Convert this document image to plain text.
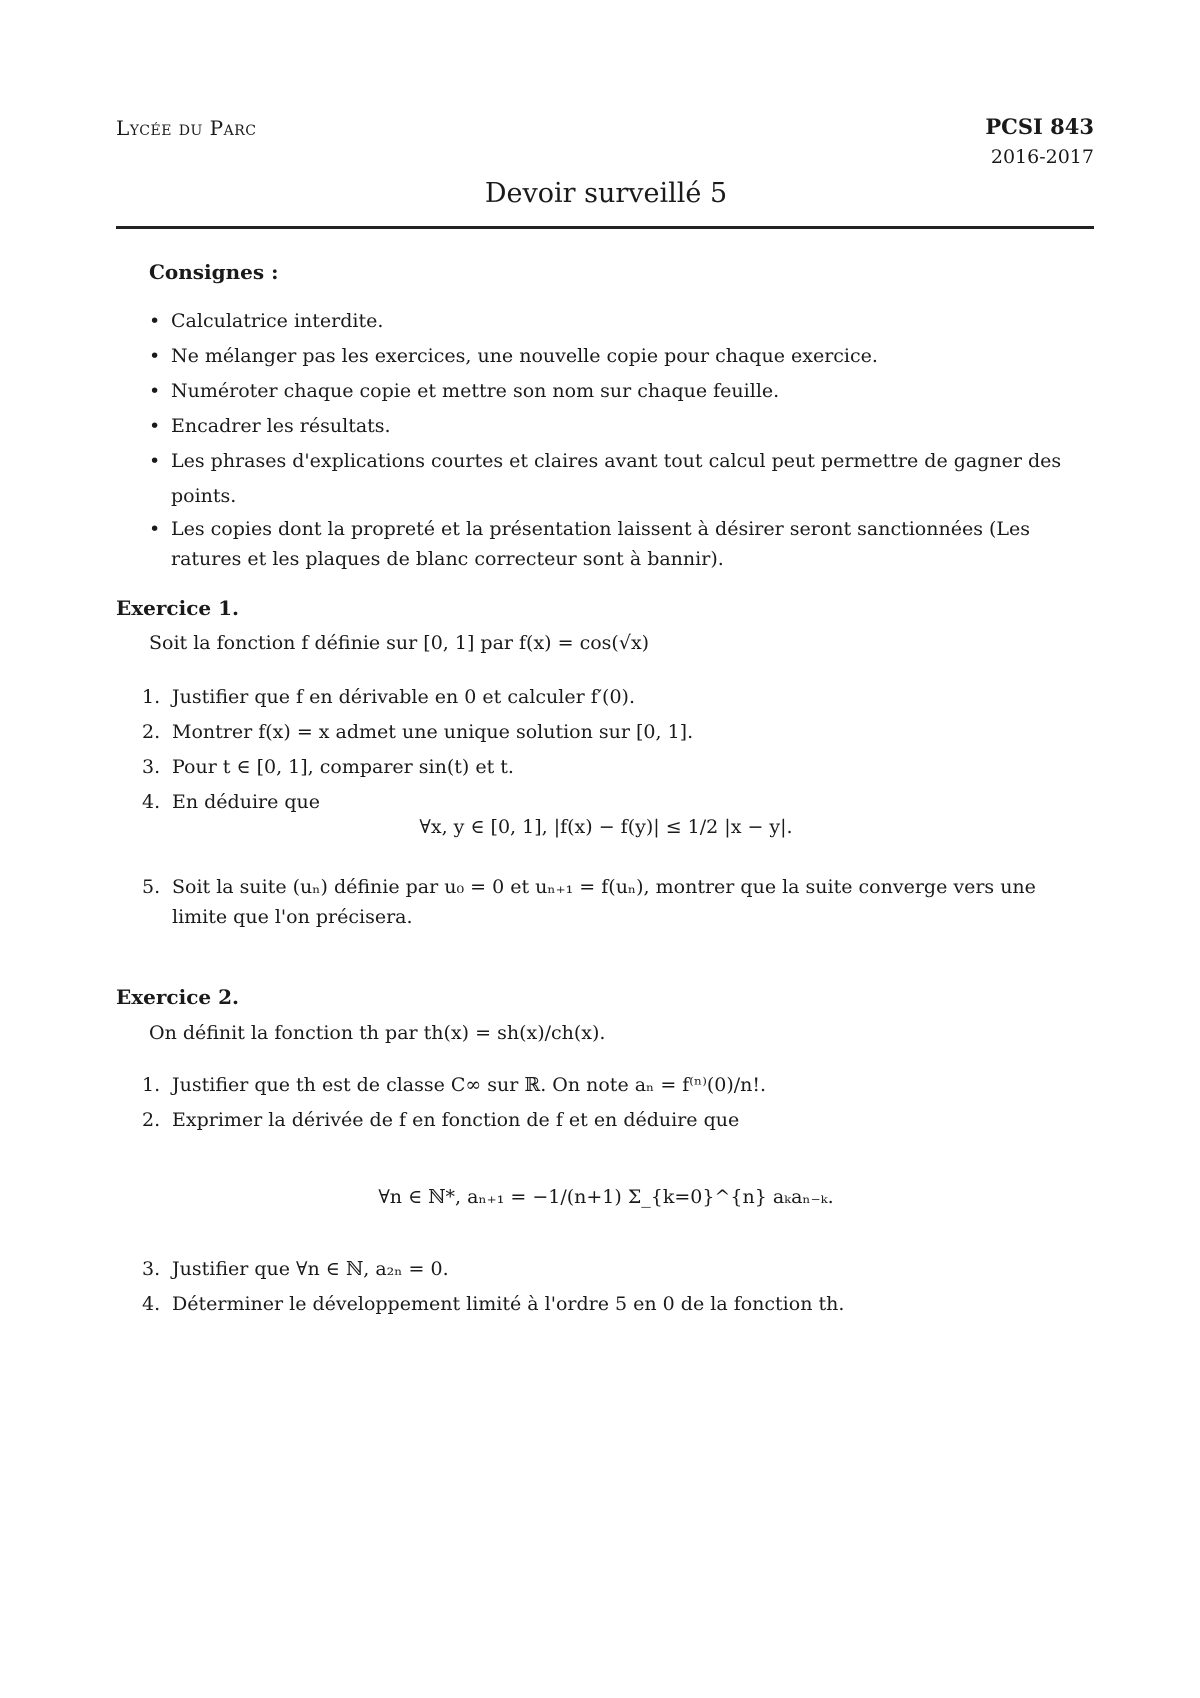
Lycée du Parc	PCSI 843
2016-2017
Devoir surveillé 5
Consignes :
• Calculatrice interdite.
• Ne mélanger pas les exercices, une nouvelle copie pour chaque exercice.
• Numéroter chaque copie et mettre son nom sur chaque feuille.
• Encadrer les résultats.
• Les phrases d'explications courtes et claires avant tout calcul peut permettre de gagner des points.
• Les copies dont la propreté et la présentation laissent à désirer seront sanctionnées (Les ratures et les plaques de blanc correcteur sont à bannir).
Exercice 1.
Soit la fonction f définie sur [0, 1] par f(x) = cos(√x)
1. Justifier que f en dérivable en 0 et calculer f′(0).
2. Montrer f(x) = x admet une unique solution sur [0, 1].
3. Pour t ∈ [0, 1], comparer sin(t) et t.
4. En déduire que
∀x, y ∈ [0, 1], |f(x) − f(y)| ≤ 1/2 |x − y|.
5. Soit la suite (uₙ) définie par u₀ = 0 et uₙ₊₁ = f(uₙ), montrer que la suite converge vers une limite que l'on précisera.
Exercice 2.
On définit la fonction th par th(x) = sh(x)/ch(x).
1. Justifier que th est de classe C∞ sur ℝ. On note aₙ = f⁽ⁿ⁾(0)/n!.
2. Exprimer la dérivée de f en fonction de f et en déduire que
∀n ∈ ℕ*, aₙ₊₁ = −1/(n+1) Σ_{k=0}^{n} aₖaₙ₋ₖ.
3. Justifier que ∀n ∈ ℕ, a₂ₙ = 0.
4. Déterminer le développement limité à l'ordre 5 en 0 de la fonction th.
